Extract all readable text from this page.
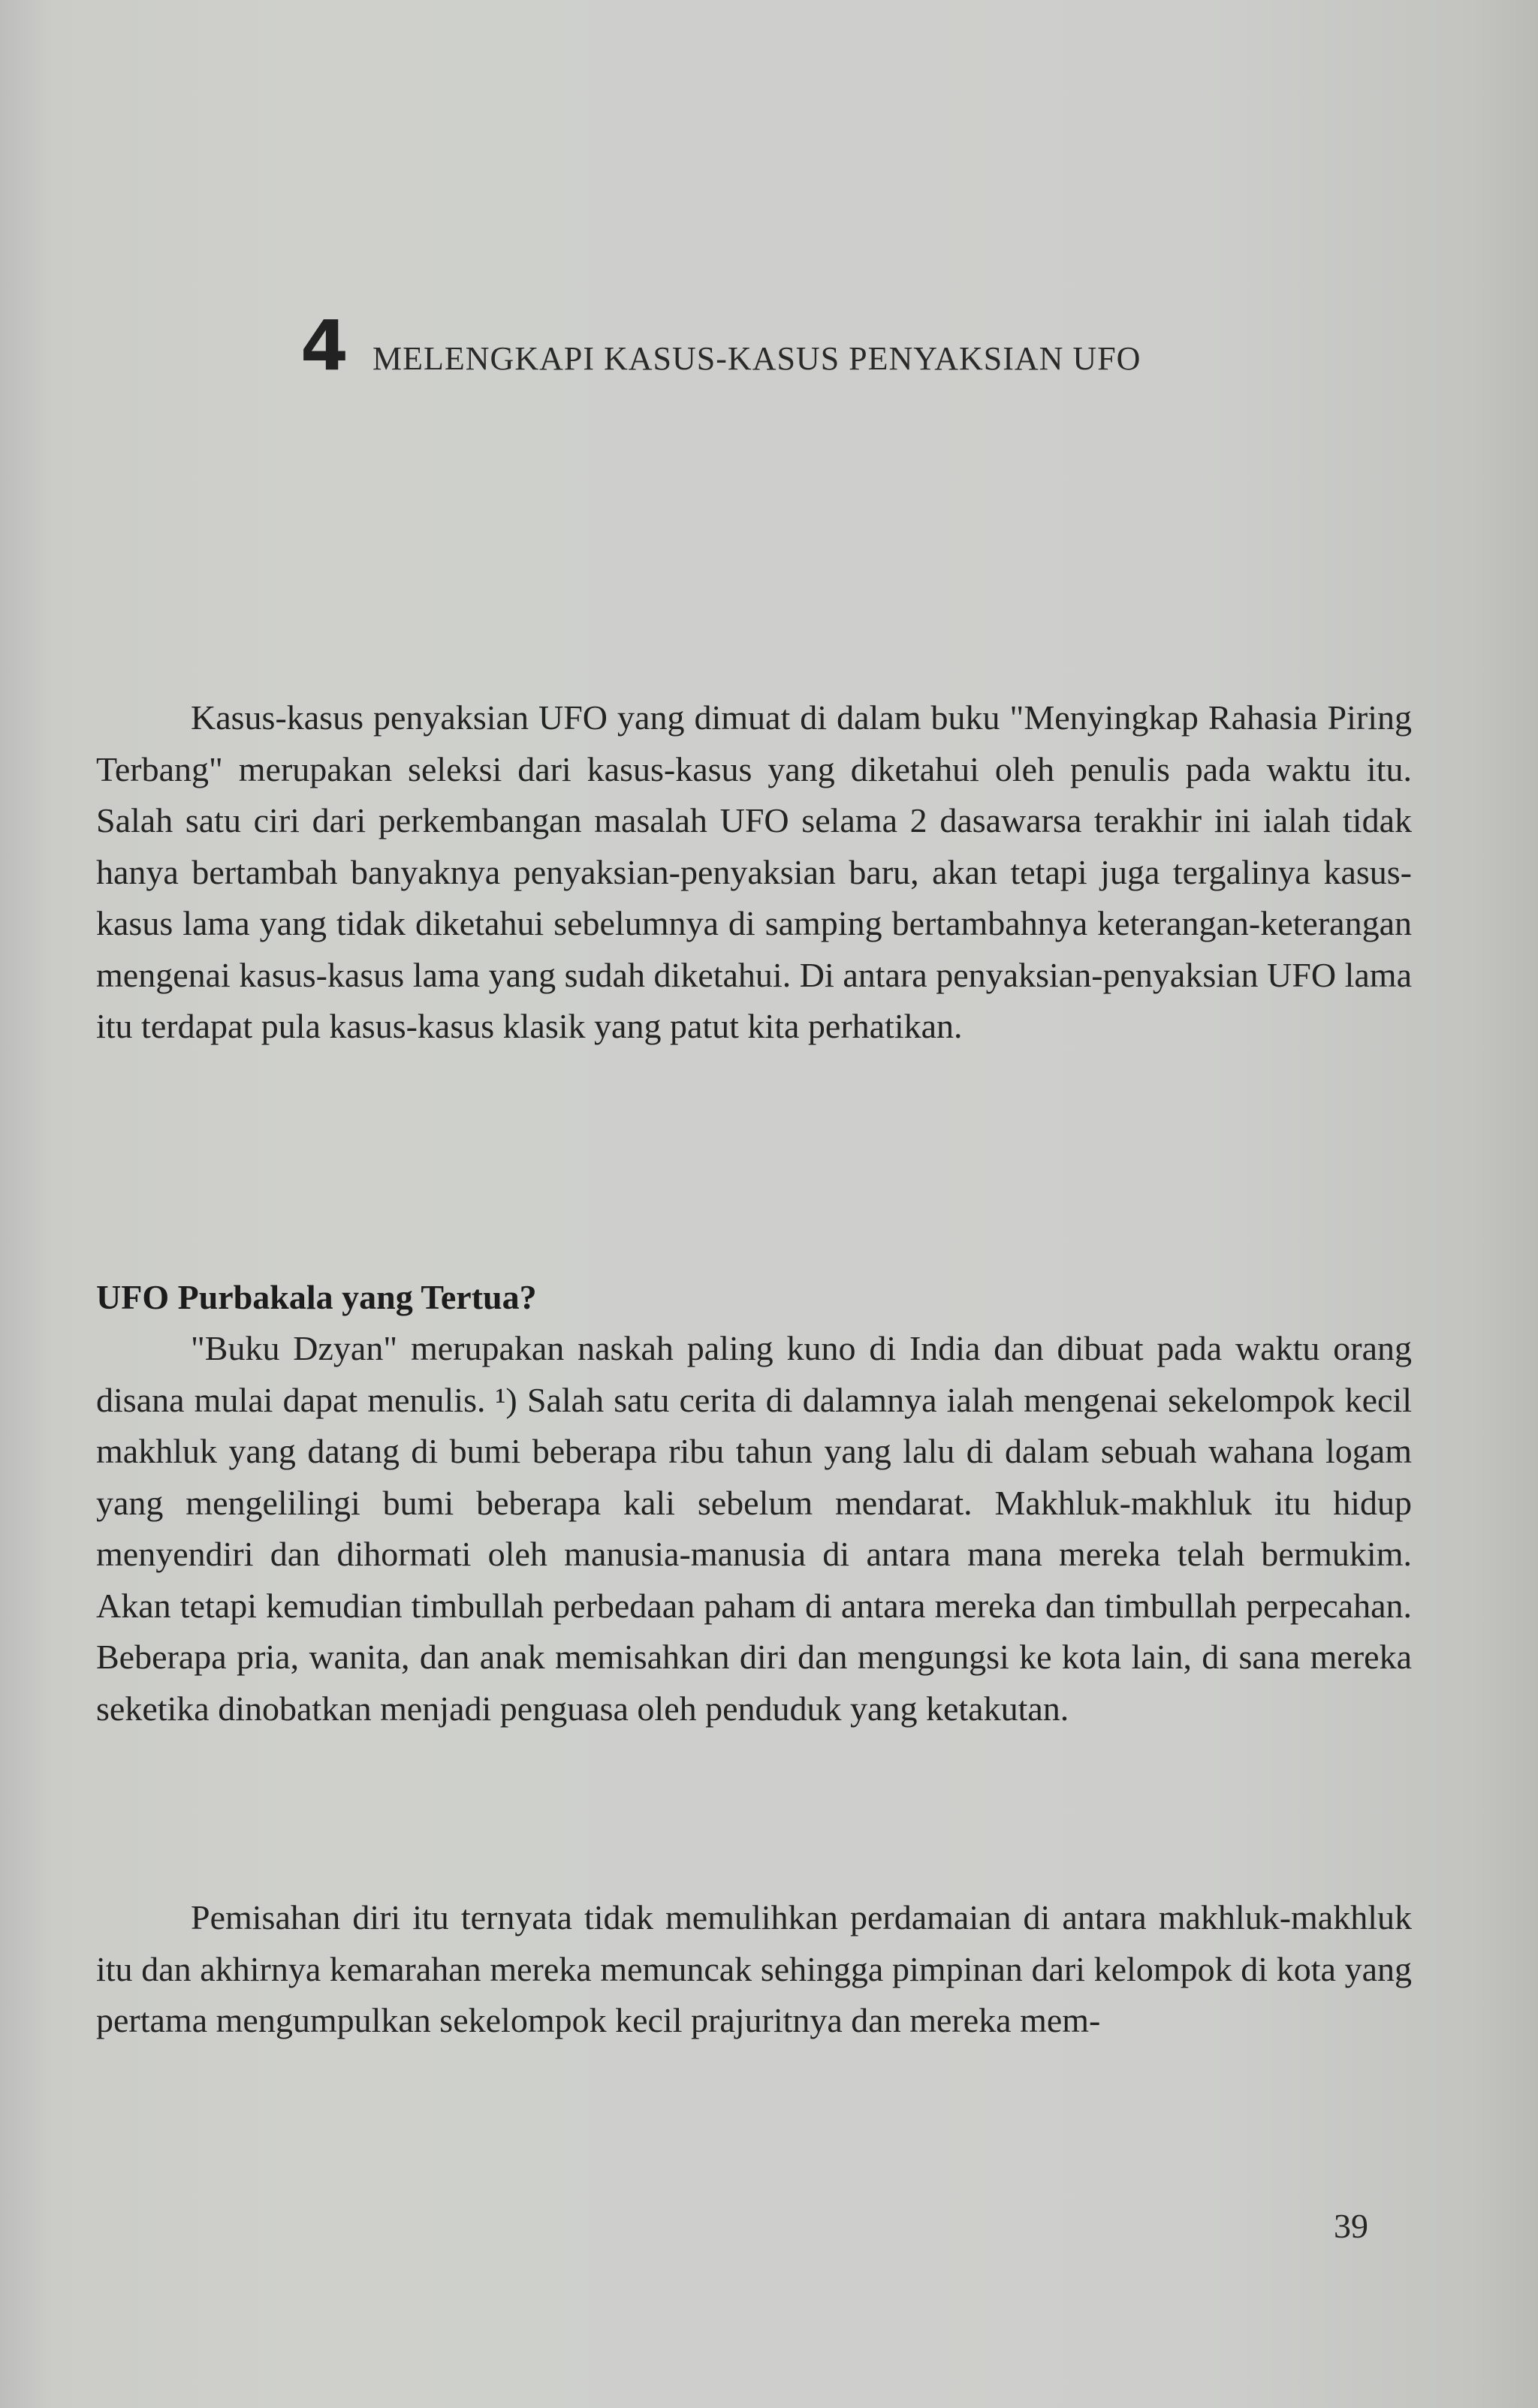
4 MELENGKAPI KASUS-KASUS PENYAKSIAN UFO

Kasus-kasus penyaksian UFO yang dimuat di dalam buku "Menyingkap Rahasia Piring Terbang" merupakan seleksi dari kasus-kasus yang diketahui oleh penulis pada waktu itu. Salah satu ciri dari perkembangan masalah UFO selama 2 dasawarsa terakhir ini ialah tidak hanya bertambah banyaknya penyaksian-penyaksian baru, akan tetapi juga tergalinya kasus-kasus lama yang tidak diketahui sebelumnya di samping bertambahnya keterangan-keterangan mengenai kasus-kasus lama yang sudah diketahui. Di antara penyaksian-penyaksian UFO lama itu terdapat pula kasus-kasus klasik yang patut kita perhatikan.

UFO Purbakala yang Tertua?

"Buku Dzyan" merupakan naskah paling kuno di India dan dibuat pada waktu orang disana mulai dapat menulis. ¹) Salah satu cerita di dalamnya ialah mengenai sekelompok kecil makhluk yang datang di bumi beberapa ribu tahun yang lalu di dalam sebuah wahana logam yang mengelilingi bumi beberapa kali sebelum mendarat. Makhluk-makhluk itu hidup menyendiri dan dihormati oleh manusia-manusia di antara mana mereka telah bermukim. Akan tetapi kemudian timbullah perbedaan paham di antara mereka dan timbullah perpecahan. Beberapa pria, wanita, dan anak memisahkan diri dan mengungsi ke kota lain, di sana mereka seketika dinobatkan menjadi penguasa oleh penduduk yang ketakutan.

Pemisahan diri itu ternyata tidak memulihkan perdamaian di antara makhluk-makhluk itu dan akhirnya kemarahan mereka memuncak sehingga pimpinan dari kelompok di kota yang pertama mengumpulkan sekelompok kecil prajuritnya dan mereka mem-

39
